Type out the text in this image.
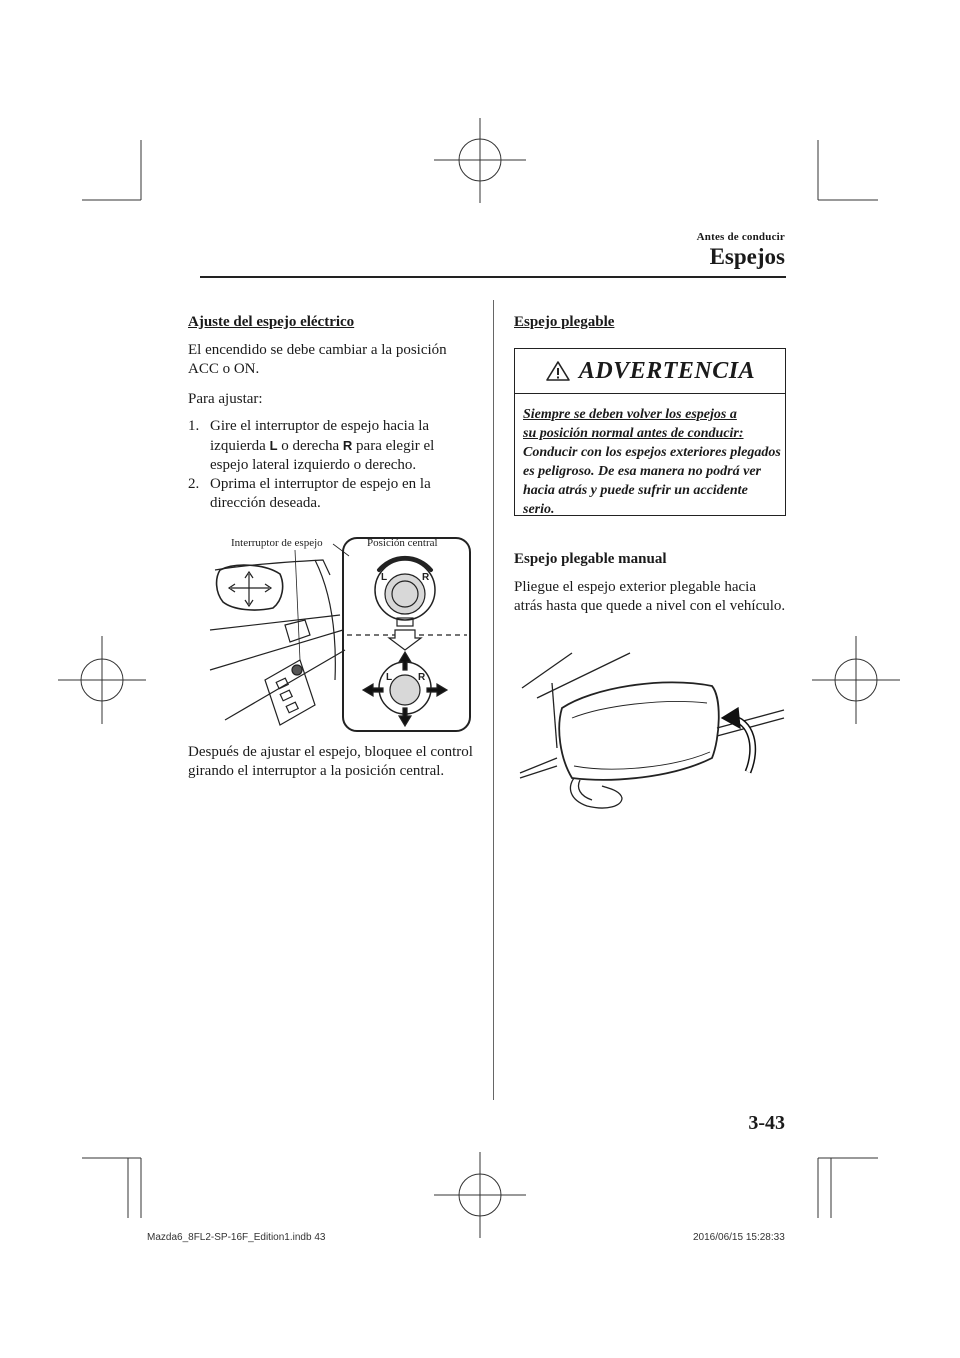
Antes de conducir
Espejos
Ajuste del espejo eléctrico
El encendido se debe cambiar a la posición ACC o ON.
Para ajustar:
1. Gire el interruptor de espejo hacia la izquierda L o derecha R para elegir el espejo lateral izquierdo o derecho.
2. Oprima el interruptor de espejo en la dirección deseada.
Interruptor de espejo	Posición central
L	R
L	R
Después de ajustar el espejo, bloquee el control girando el interruptor a la posición central.
Espejo plegable
ADVERTENCIA
Siempre se deben volver los espejos a
su posición normal antes de conducir:
Conducir con los espejos exteriores plegados es peligroso. De esa manera no podrá ver hacia atrás y puede sufrir un accidente serio.
Espejo plegable manual
Pliegue el espejo exterior plegable hacia atrás hasta que quede a nivel con el vehículo.
3-43
Mazda6_8FL2-SP-16F_Edition1.indb 43	2016/06/15 15:28:33
